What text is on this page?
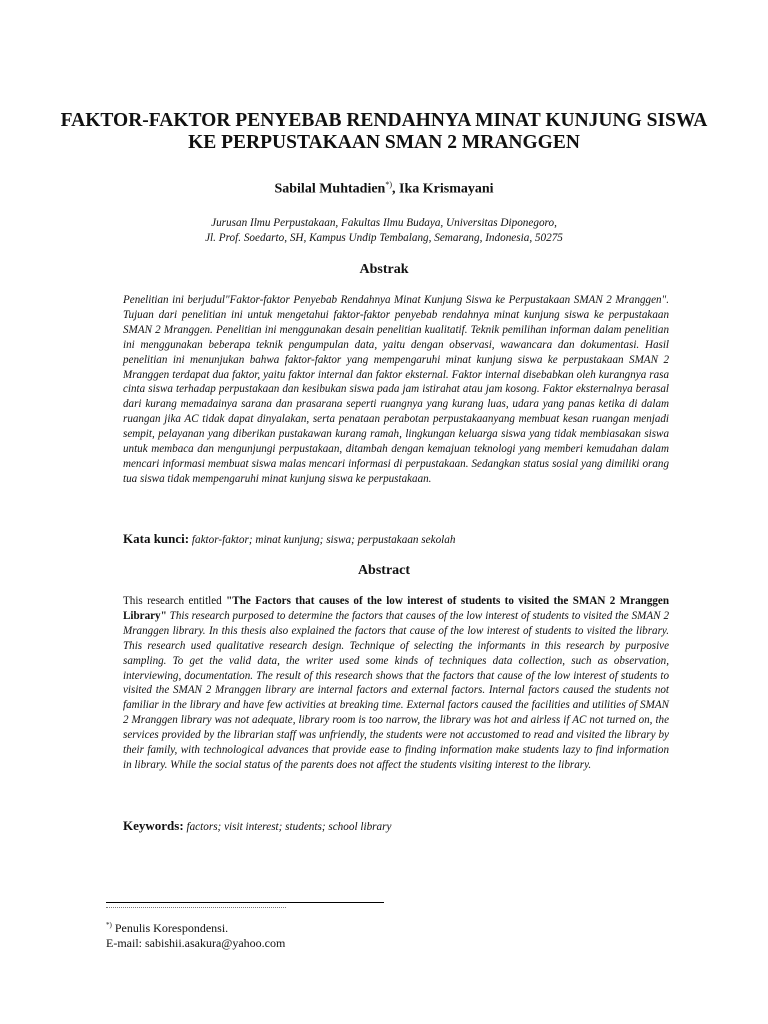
FAKTOR-FAKTOR PENYEBAB RENDAHNYA MINAT KUNJUNG SISWA
KE PERPUSTAKAAN SMAN 2 MRANGGEN
Sabilal Muhtadien*), Ika Krismayani
Jurusan Ilmu Perpustakaan, Fakultas Ilmu Budaya, Universitas Diponegoro,
Jl. Prof. Soedarto, SH, Kampus Undip Tembalang, Semarang, Indonesia, 50275
Abstrak

Penelitian ini berjudul"Faktor-faktor Penyebab Rendahnya Minat Kunjung Siswa ke Perpustakaan SMAN 2 Mranggen". Tujuan dari penelitian ini untuk mengetahui faktor-faktor penyebab rendahnya minat kunjung siswa ke perpustakaan SMAN 2 Mranggen. Penelitian ini menggunakan desain penelitian kualitatif. Teknik pemilihan informan dalam penelitian ini menggunakan beberapa teknik pengumpulan data, yaitu dengan observasi, wawancara dan dokumentasi. Hasil penelitian ini menunjukan bahwa faktor-faktor yang mempengaruhi minat kunjung siswa ke perpustakaan SMAN 2 Mranggen terdapat dua faktor, yaitu faktor internal dan faktor eksternal. Faktor internal disebabkan oleh kurangnya rasa cinta siswa terhadap perpustakaan dan kesibukan siswa pada jam istirahat atau jam kosong. Faktor eksternalnya berasal dari kurang memadainya sarana dan prasarana seperti ruangnya yang kurang luas, udara yang panas ketika di dalam ruangan jika AC tidak dapat dinyalakan, serta penataan perabotan perpustakaanyang membuat kesan ruangan menjadi sempit, pelayanan yang diberikan pustakawan kurang ramah, lingkungan keluarga siswa yang tidak membiasakan siswa untuk membaca dan mengunjungi perpustakaan, ditambah dengan kemajuan teknologi yang memberi kemudahan dalam mencari informasi membuat siswa malas mencari informasi di perpustakaan. Sedangkan status sosial yang dimiliki orang tua siswa tidak mempengaruhi minat kunjung siswa ke perpustakaan.

Kata kunci: faktor-faktor; minat kunjung; siswa; perpustakaan sekolah
Abstract

This research entitled "The Factors that causes of the low interest of students to visited the SMAN 2 Mranggen Library" This research purposed to determine the factors that causes of the low interest of students to visited the SMAN 2 Mranggen library. In this thesis also explained the factors that cause of the low interest of students to visited the library. This research used qualitative research design. Technique of selecting the informants in this research by purposive sampling. To get the valid data, the writer used some kinds of techniques data collection, such as observation, interviewing, documentation. The result of this research shows that the factors that cause of the low interest of students to visited the SMAN 2 Mranggen library are internal factors and external factors. Internal factors caused the students not familiar in the library and have few activities at breaking time. External factors caused the facilities and utilities of SMAN 2 Mranggen library was not adequate, library room is too narrow, the library was hot and airless if AC not turned on, the services provided by the librarian staff was unfriendly, the students were not accustomed to read and visited the library by their family, with technological advances that provide ease to finding information make students lazy to find information in library. While the social status of the parents does not affect the students visiting interest to the library.

Keywords: factors; visit interest; students; school library
*) Penulis Korespondensi.
E-mail: sabishii.asakura@yahoo.com
